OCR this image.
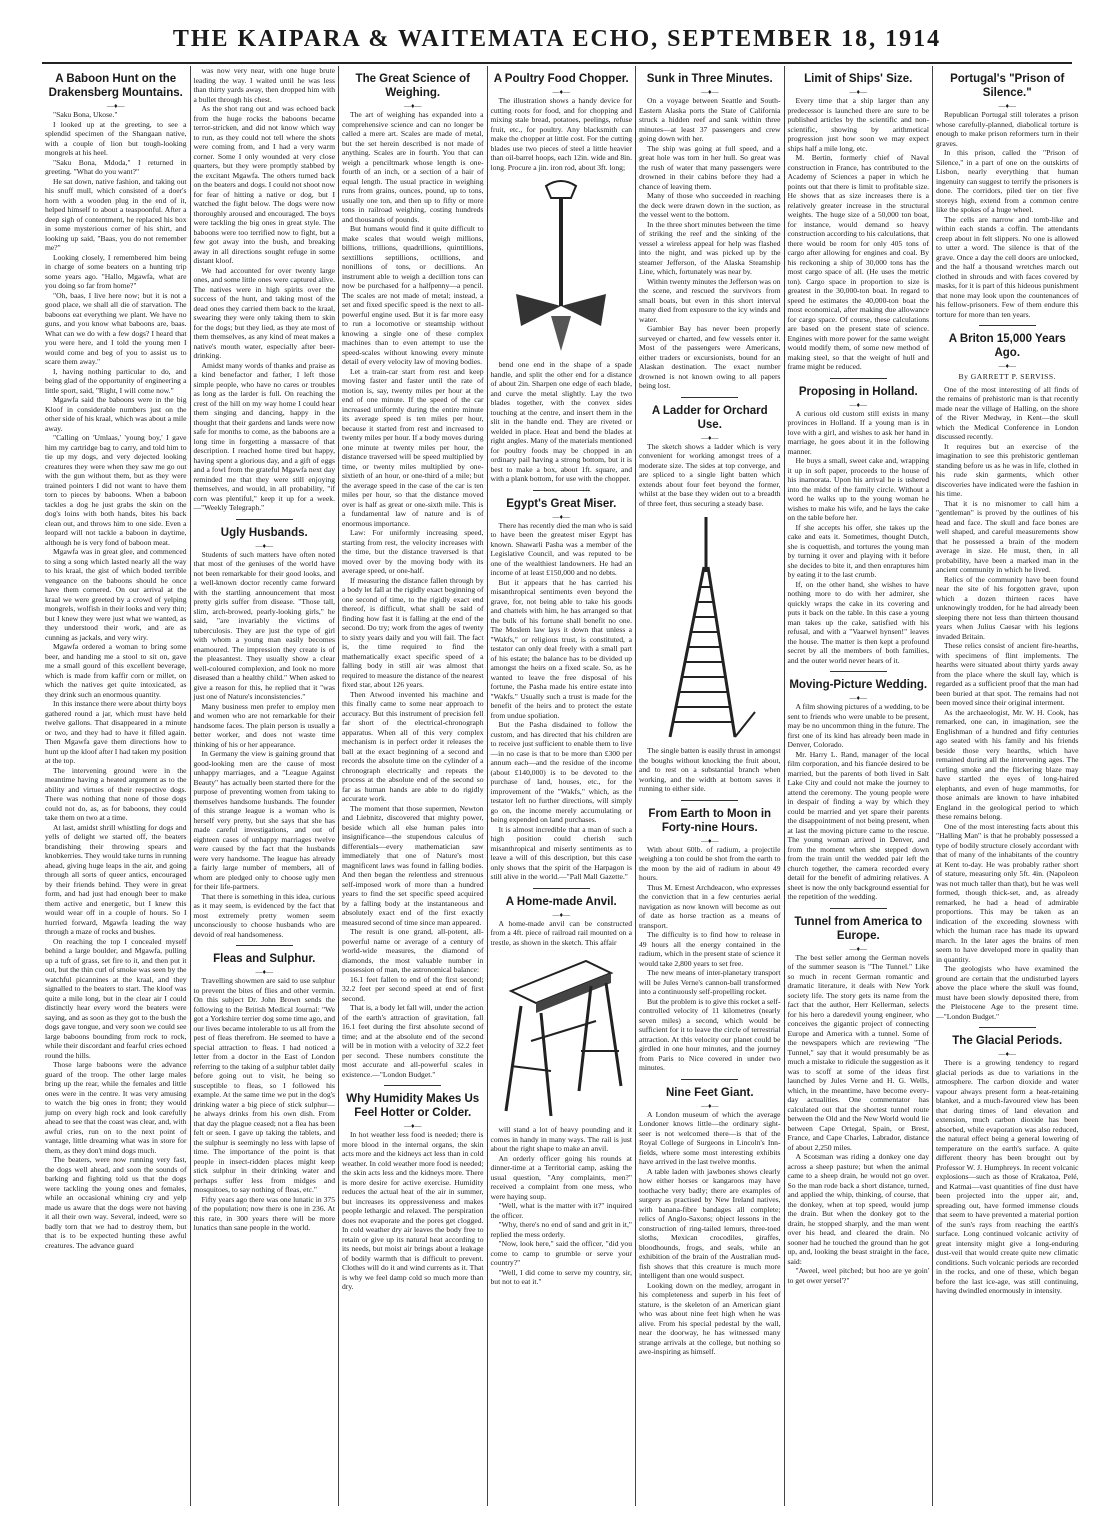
THE KAIPARA & WAITEMATA ECHO, SEPTEMBER 18, 1914
A Baboon Hunt on the Drakensberg Mountains.
—♦—

"Saku Bona, Ukose."

I looked up at the greeting, to see a splendid specimen of the Shangaan native, with a couple of lion but tough-looking mongrels at his heel.

"Saku Bona, Mdoda," I returned in greeting. "What do you want?"

He sat down, native fashion, and taking out his snuff mull, which consisted of a doer's horn with a wooden plug in the end of it, helped himself to about a teaspoonful. After a deep sigh of contentment, he replaced his box in some mysterious corner of his shirt, and looking up said, "Baas, you do not remember me?"

Looking closely, I remembered him being in charge of some beaters on a hunting trip some years ago. "Hallo, Mgawfa, what are you doing so far from home?"

"Oh, baas, I live here now; but it is not a good place, we shall all die of starvation. The baboons eat everything we plant. We have no guns, and you know what baboons are, baas. What can we do with a few dogs? I heard that you were here, and I told the young men I would come and beg of you to assist us to scare them away."

I, having nothing particular to do, and being glad of the opportunity of engineering a little sport, said, "Right, I will come now."

Mgawfa said the baboons were in the big Kloof in considerable numbers just on the other side of his kraal, which was about a mile away.

"Calling on 'Umlaas,' 'young boy,' I gave him my cartridge bag to carry, and told him to tie up my dogs, and very dejected looking creatures they were when they saw me go out with the gun without them, but as they were trained pointers I did not want to have them torn to pieces by baboons. When a baboon tackles a dog he just grabs the skin on the dog's loins with both hands, bites his back clean out, and throws him to one side. Even a leopard will not tackle a baboon in daytime, although he is very fond of baboon meat.

Mgawfa was in great glee, and commenced to sing a song which lasted nearly all the way to his kraal, the gist of which boded terrible vengeance on the baboons should he once have them cornered. On our arrival at the kraal we were greeted by a crowd of yelping mongrels, wolfish in their looks and very thin; but I knew they were just what we wanted, as they understood their work, and are as cunning as jackals, and very wiry.

Mgawfa ordered a woman to bring some beer, and handing me a stool to sit on, gave me a small gourd of this excellent beverage, which is made from kaffir corn or millet, on which the natives get quite intoxicated, as they drink such an enormous quantity.

In this instance there were about thirty boys gathered round a jar, which must have held twelve gallons. That disappeared in a minute or two, and they had to have it filled again. Then Mgawfa gave them directions how to hunt up the kloof after I had taken my position at the top.

The intervening ground were in the meantime having a heated argument as to the ability and virtues of their respective dogs. There was nothing that none of those dogs could not do, as, as for baboons, they could take them on two at a time.

At last, amidst shrill whistling for dogs and yells of delight we started off, the beaters brandishing their throwing spears and knobkerries. They would take turns in running ahead, giving huge leaps in the air, and going through all sorts of queer antics, encouraged by their friends behind. They were in great form, and had just had enough beer to make them active and energetic, but I knew this would wear off in a couple of hours. So I hurried forward, Mgawfa leading the way through a maze of rocks and bushes.

On reaching the top I concealed myself behind a large boulder, and Mgawfa, pulling up a tuft of grass, set fire to it, and then put it out, but the thin curl of smoke was seen by the watchful picannines at the kraal, and they signalled to the beaters to start. The kloof was quite a mile long, but in the clear air I could distinctly hear every word the beaters were saying, and as soon as they got to the bush the dogs gave tongue, and very soon we could see large baboons bounding from rock to rock, while their discordant and fearful cries echoed round the hills.

Those large baboons were the advance guard of the troop. The other large males bring up the rear, while the females and little ones were in the centre. It was very amusing to watch the big ones in front; they would jump on every high rock and look carefully ahead to see that the coast was clear, and, with awful cries, run on to the next point of vantage, little dreaming what was in store for them, as they don't mind dogs much.

The beaters, were now running very fast, the dogs well ahead, and soon the sounds of barking and fighting told us that the dogs were tackling the young ones and females, while an occasional whining cry and yelp made us aware that the dogs were not having it all their own way. Several, indeed, were so badly torn that we had to destroy them, but that is to be expected hunting these awful creatures. The advance guard

was now very near, with one huge brute leading the way. I waited until he was less than thirty yards away, then dropped him with a bullet through his chest.

As the shot rang out and was echoed back from the huge rocks the baboons became terror-stricken, and did not know which way to run, as they could not tell where the shots were coming from, and I had a very warm corner. Some I only wounded at very close quarters, but they were promptly stabbed by the excitant Mgawfa. The others turned back on the beaters and dogs. I could not shoot now for fear of hitting a native or dog, but I watched the fight below. The dogs were now thoroughly aroused and encouraged. The boys were tackling the big ones in great style. The baboons were too terrified now to fight, but a few got away into the bush, and breaking away in all directions sought refuge in some distant kloof.

We had accounted for over twenty large ones, and some little ones were captured alive. The natives were in high spirits over the success of the hunt, and taking most of the dead ones they carried them back to the kraal, swearing they were only taking them to skin for the dogs; but they lied, as they ate most of them themselves, as any kind of meat makes a native's mouth water, especially after beer-drinking.

Amidst many words of thanks and praise as a kind benefactor and father, I left those simple people, who have no cares or troubles as long as the larder is full. On reaching the crest of the hill on my way home I could hear them singing and dancing, happy in the thought that their gardens and lands were now safe for months to come, as the baboons are a long time in forgetting a massacre of that description. I reached home tired but happy, having spent a glorious day, and a gift of eggs and a fowl from the grateful Mgawfa next day reminded me that they were still enjoying themselves, and would, in all probability, "if corn was plentiful," keep it up for a week.—"Weekly Telegraph."

Ugly Husbands.
—♦—

Students of such matters have often noted that most of the geniuses of the world have not been remarkable for their good looks, and a well-known doctor recently came forward with the startling announcement that most pretty girls suffer from disease. "Those tall, slim, arch-browed, pearly-looking girls," he said, "are invariably the victims of tuberculosis. They are just the type of girl with whom a young man easily becomes enamoured. The impression they create is of the pleasantest. They usually show a clear well-coloured complexion, and look no more diseased than a healthy child." When asked to give a reason for this, he replied that it "was just one of Nature's inconsistencies."

Many business men prefer to employ men and women who are not remarkable for their handsome faces. The plain person is usually a better worker, and does not waste time thinking of his or her appearance.

In Germany the view is gaining ground that good-looking men are the cause of most unhappy marriages, and a "League Against Beauty" has actually been started there for the purpose of preventing women from taking to themselves handsome husbands. The founder of this strange league is a woman who is herself very pretty, but she says that she has made careful investigations, and out of eighteen cases of unhappy marriages twelve were caused by the fact that the husbands were very handsome. The league has already a fairly large number of members, all of whom are pledged only to choose ugly men for their life-partners.

That there is something in this idea, curious as it may seem, is evidenced by the fact that most extremely pretty women seem unconsciously to choose husbands who are devoid of real handsomeness.

Fleas and Sulphur.
—♦—

Travelling showmen are said to use sulphur to prevent the bites of flies and other vermin. On this subject Dr. John Brown sends the following to the British Medical Journal: "We got a Yorkshire terrier dog some time ago, and our lives became intolerable to us all from the pest of fleas therefrom. He seemed to have a special attraction to fleas. I had noticed a letter from a doctor in the East of London referring to the taking of a sulphur tablet daily before going out to visit, he being so susceptible to fleas, so I followed his example. At the same time we put in the dog's drinking water a big piece of stick sulphur—he always drinks from his own dish. From that day the plague ceased; not a flea has been felt or seen. I gave up taking the tablets, and the sulphur is seemingly no less with lapse of time. The importance of the point is that people in insect-ridden places might keep stick sulphur in their drinking water and perhaps suffer less from midges and mosquitoes, to say nothing of fleas, etc."

Fifty years ago there was one lunatic in 375 of the population; now there is one in 236. At this rate, in 300 years there will be more lunatics than sane people in the world.

The Great Science of Weighing.
—♦—

The art of weighing has expanded into a comprehensive science and can no longer be called a mere art. Scales are made of metal, but the set herein described is not made of anything. Scales are in fourth. You that can weigh a penciltmark whose length is one-fourth of an inch, or a section of a hair of equal length. The usual practice in weighing runs from grains, ounces, pound, up to tons, usually one ton, and then up to fifty or more tons in railroad weighing, costing hundreds and thousands of pounds.

But humans would find it quite difficult to make scales that would weigh millions, billions, trillions, quadrillions, quintillions, sextillions septillions, octillions, and nonillions of tons, or decillions. An instrument able to weigh a decillion tons can now be purchased for a halfpenny—a pencil. The scales are not made of metal; instead, a set and fixed specific speed is the next to all-powerful engine used. But it is far more easy to run a locomotive or steamship without knowing a single one of these complex machines than to even attempt to use the speed-scales without knowing every minute detail of every velocity law of moving bodies.

Let a train-car start from rest and keep moving faster and faster until the rate of motion is, say, twenty miles per hour at the end of one minute. If the speed of the car increased uniformly during the entire minute its average speed is ten miles per hour, because it started from rest and increased to twenty miles per hour. If a body moves during one minute at twenty miles per hour, the distance traversed will be speed multiplied by time, or twenty miles multiplied by one-sixtieth of an hour, or one-third of a mile; but the average speed in the case of the car is ten miles per hour, so that the distance moved over is half as great or one-sixth mile. This is a fundamental law of nature and is of enormous importance.

Law: For uniformly increasing speed, starting from rest, the velocity increases with the time, but the distance traversed is that moved over by the moving body with its average speed, or one-half.

If measuring the distance fallen through by a body let fall at the rigidly exact beginning of one second of time, to the rigidly exact end thereof, is difficult, what shall be said of finding how fast it is falling at the end of the second. Do try; work from the ages of twenty to sixty years daily and you will fail. The fact is, the time required to find the mathematically exact specific speed of a falling body in still air was almost that required to measure the distance of the nearest fixed star, about 126 years.

Then Atwood invented his machine and this finally came to some near approach to accuracy. But this instrument of precision fell far short of the electrical-chronograph apparatus. When all of this very complex mechanism is in perfect order it releases the ball at the exact beginning of a second and records the absolute time on the cylinder of a chronograph electrically and repeats the process at the absolute end of the second so far as human hands are able to do rigidly accurate work.

The moment that those supermen, Newton and Liebnitz, discovered that mighty power, beside which all else human pales into insignificance—the stupendous calculus of differentials—every mathematician saw immediately that one of Nature's most magnificent laws was found in falling bodies. And then began the relentless and strenuous self-imposed work of more than a hundred years to find the set specific speed acquired by a falling body at the instantaneous and absolutely exact end of the first exactly measured second of time since man appeared.

The result is one grand, all-potent, all-powerful name or average of a century of world-wide measures, the diamond of diamonds, the most valuable number in possession of man, the astronomical balance:

16.1 feet fallen to end of the first second; 32.2 feet per second speed at end of first second.

That is, a body let fall will, under the action of the earth's attraction of gravitation, fall 16.1 feet during the first absolute second of time; and at the absolute end of the second will be in motion with a velocity of 32.2 feet per second. These numbers constitute the most accurate and all-powerful scales in existence.—"London Budget."

Why Humidity Makes Us Feel Hotter or Colder.
—♦—

In hot weather less food is needed; there is more blood in the internal organs, the skin acts more and the kidneys act less than in cold weather. In cold weather more food is needed; the skin acts less and the kidneys more. There is more desire for active exercise. Humidity reduces the actual heat of the air in summer, but increases its oppressiveness and makes people lethargic and relaxed. The perspiration does not evaporate and the pores get clogged. In cold weather dry air leaves the body free to retain or give up its natural heat according to its needs, but moist air brings about a leakage of bodily warmth that is difficult to prevent. Clothes will do it and wind currents as it. That is why we feel damp cold so much more than dry.

A Poultry Food Chopper.
—♦—

The illustration shows a handy device for cutting roots for food, and for chopping and mixing stale bread, potatoes, peelings, refuse fruit, etc., for poultry. Any blacksmith can make the chopper at little cost. For the cutting blades use two pieces of steel a little heavier than oil-barrel hoops, each 12in. wide and 8in. long. Procure a jin. iron rod, about 3ft. long;

bend one end in the shape of a spade handle, and split the other end for a distance of about 2in. Sharpen one edge of each blade, and curve the metal slightly. Lay the two blades together, with the convex sides touching at the centre, and insert them in the slit in the handle end. They are riveted or welded in place. Heat and bend the blades at right angles. Many of the materials mentioned for poultry foods may be chopped in an ordinary pail having a strong bottom, but it is best to make a box, about 1ft. square, and with a plank bottom, for use with the chopper.

Egypt's Great Miser.
—♦—

There has recently died the man who is said to have been the greatest miser Egypt has known. Shawarli Pasha was a member of the Legislative Council, and was reputed to be one of the wealthiest landowners. He had an income of at least £150,000 and no debts.

But it appears that he has carried his misanthropical sentiments even beyond the grave, for, not being able to take his goods and chattels with him, he has arranged so that the bulk of his fortune shall benefit no one. The Moslem law lays it down that unless a "Wakfs," or religious trust, is constituted, a testator can only deal freely with a small part of his estate; the balance has to be divided up amongst the heirs on a fixed scale. So, as he wanted to leave the free disposal of his fortune, the Pasha made his entire estate into "Wakfs." Usually such a trust is made for the benefit of the heirs and to protect the estate from undue spoliation.

But the Pasha disdained to follow the custom, and has directed that his children are to receive just sufficient to enable them to live—in no case is that to be more than £300 per annum each—and the residue of the income (about £140,000) is to be devoted to the purchase of land, houses, etc., for the improvement of the "Wakfs," which, as the testator left no further directions, will simply go on, the income merely accumulating or being expended on land purchases.

It is almost incredible that a man of such a high position could cherish such misanthropical and miserly sentiments as to leave a will of this description, but this case only shows that the spirit of the Harpagon is still alive in the world.—"Pall Mall Gazette."

A Home-made Anvil.
—♦—

A home-made anvil can be constructed from a 4ft. piece of railroad rail mounted on a trestle, as shown in the sketch. This affair

will stand a lot of heavy pounding and it comes in handy in many ways. The rail is just about the right shape to make an anvil.

An orderly officer going his rounds at dinner-time at a Territorial camp, asking the usual question, "Any complaints, men?" received a complaint from one mess, who were haying soup.

"Well, what is the matter with it?" inquired the officer.

"Why, there's no end of sand and grit in it," replied the mess orderly.

"Now, look here," said the officer, "did you come to camp to grumble or serve your country?"

"Well, I did come to serve my country, sir, but not to eat it."

Sunk in Three Minutes.
—♦—

On a voyage between Seattle and South-Eastern Alaska ports the State of California struck a hidden reef and sank within three minutes—at least 37 passengers and crew going down with her.

The ship was going at full speed, and a great hole was torn in her hull. So great was the rush of water that many passengers were drowned in their cabins before they had a chance of leaving them.

Many of those who succeeded in reaching the deck were drawn down in the suction, as the vessel went to the bottom.

In the three short minutes between the time of striking the reef and the sinking of the vessel a wireless appeal for help was flashed into the night, and was picked up by the steamer Jefferson, of the Alaska Steamship Line, which, fortunately was near by.

Within twenty minutes the Jefferson was on the scene, and rescued the survivors from small boats, but even in this short interval many died from exposure to the icy winds and water.

Gambier Bay has never been properly surveyed or charted, and few vessels enter it. Most of the passengers were Americans, either traders or excursionists, bound for an Alaskan destination. The exact number drowned is not known owing to all papers being lost.

A Ladder for Orchard Use.
—♦—

The sketch shows a ladder which is very convenient for working amongst trees of a moderate size. The sides at top converge, and are spliced to a single light batten which extends about four feet beyond the former, whilst at the base they widen out to a breadth of three feet, thus securing a steady base.

The single batten is easily thrust in amongst the boughs without knocking the fruit about, and to rest on a substantial branch when working, and the width at bottom saves it running to either side.

From Earth to Moon in Forty-nine Hours.
—♦—

With about 60lb. of radium, a projectile weighing a ton could be shot from the earth to the moon by the aid of radium in about 49 hours.

Thus M. Ernest Archdeacon, who expresses the conviction that in a few centuries aerial navigation as now known will become as out of date as horse traction as a means of transport.

The difficulty is to find how to release in 49 hours all the energy contained in the radium, which in the present state of science it would take 2,800 years to set free.

The new means of inter-planetary transport will be Jules Verne's cannon-ball transformed into a continuously self-propelling rocket.

But the problem is to give this rocket a self-controlled velocity of 11 kilometres (nearly seven miles) a second, which would be sufficient for it to leave the circle of terrestrial attraction. At this velocity our planet could be girdled in one hour minutes, and the journey from Paris to Nice covered in under two minutes.

Nine Feet Giant.
—♦—

A London museum of which the average Londoner knows little—the ordinary sight-seer is not welcomed there—is that of the Royal College of Surgeons in Lincoln's Inn-fields, where some most interesting exhibits have arrived in the last twelve months.

A table laden with jawbones shows clearly how either horses or kangaroos may have toothache very badly; there are examples of surgery as practised by New Ireland natives, with banana-fibre bandages all complete; relics of Anglo-Saxons; object lessons in the construction of ring-tailed lemurs, three-toed sloths, Mexican crocodiles, giraffes, bloodhounds, frogs, and seals, while an exhibition of the brain of the Australian mud-fish shows that this creature is much more intelligent than one would suspect.

Looking down on the medley, arrogant in his completeness and superb in his feet of stature, is the skeleton of an American giant who was about nine feet high when he was alive. From his special pedestal by the wall, near the doorway, he has witnessed many strange arrivals at the college, but nothing so awe-inspiring as himself.

Limit of Ships' Size.
—♦—

Every time that a ship larger than any predecessor is launched there are sure to be published articles by the scientific and non-scientific, showing by arithmetical progression just how soon we may expect ships half a mile long, etc.

M. Bertin, formerly chief of Naval construction in France, has contributed to the Academy of Sciences a paper in which he points out that there is limit to profitable size. He shows that as size increases there is a relatively greater increase in the structural weights. The huge size of a 50,000 ton boat, for instance, would demand so heavy construction according to his calculations, that there would be room for only 405 tons of cargo after allowing for engines and coal. By his reckoning a ship of 30,000 tons has the most cargo space of all. (He uses the metric ton). Cargo space in proportion to size is greatest in the 30,000-ton boat. In regard to speed he estimates the 40,000-ton boat the most economical, after making due allowance for cargo space. Of course, these calculations are based on the present state of science. Engines with more power for the same weight would modify them, of some new method of making steel, so that the weight of hull and frame might be reduced.

Proposing in Holland.
—♦—

A curious old custom still exists in many provinces in Holland. If a young man is in love with a girl, and wishes to ask her hand in marriage, he goes about it in the following manner.

He buys a small, sweet cake and, wrapping it up in soft paper, proceeds to the house of his inamorata. Upon his arrival he is ushered into the midst of the family circle. Without a word he walks up to the young woman he wishes to make his wife, and he lays the cake on the table before her.

If she accepts his offer, she takes up the cake and eats it. Sometimes, thought Dutch, she is coquettish, and tortures the young man by turning it over and playing with it before she decides to bite it, and then enraptures him by eating it to the last crumb.

If, on the other hand, she wishes to have nothing more to do with her admirer, she quickly wraps the cake in its covering and puts it back on the table. In this case a young man takes up the cake, satisfied with his refusal, and with a "Vaarwel hynsen!" leaves the house. The matter is then kept a profound secret by all the members of both families, and the outer world never hears of it.

Moving-Picture Wedding.
—♦—

A film showing pictures of a wedding, to be sent to friends who were unable to be present, may be no uncommon thing in the future. The first one of its kind has already been made in Denver, Colorado.

Mr. Harry L. Rand, manager of the local film corporation, and his fiancée desired to be married, but the parents of both lived in Salt Lake City and could not make the journey to attend the ceremony. The young people were in despair of finding a way by which they could be married and yet spare their parents the disappointment of not being present, when at last the moving picture came to the rescue. The young woman arrived in Denver, and from the moment when she stepped down from the train until the wedded pair left the church together, the camera recorded every detail for the benefit of admiring relatives. A sheet is now the only background essential for the repetition of the wedding.

Tunnel from America to Europe.
—♦—

The best seller among the German novels of the summer season is "The Tunnel." Like so much in recent German romantic and dramatic literature, it deals with New York society life. The story gets its name from the fact that the author, Herr Kellerman, selects for his hero a daredevil young engineer, who conceives the gigantic project of connecting Europe and America with a tunnel. Some of the newspapers which are reviewing "The Tunnel," say that it would presumably be as much a mistake to ridicule the suggestion as it was to scoff at some of the ideas first launched by Jules Verne and H. G. Wells, which, in the meantime, have become every-day actualities. One commentator has calculated out that the shortest tunnel route between the Old and the New World would lie between Cape Ortegal, Spain, or Brest, France, and Cape Charles, Labrador, distance of about 2,250 miles.

A Scotsman was riding a donkey one day across a sheep pasture; but when the animal came to a sheep drain, he would not go over. So the man rode back a short distance, turned, and applied the whip, thinking, of course, that the donkey, when at top speed, would jump the drain. But when the donkey got to the drain, he stopped sharply, and the man went over his head, and cleared the drain. No sooner had he touched the ground than he got up, and, looking the beast straight in the face, said:

"Aweel, weel pitched; but hoo are ye goin' to get ower yersel'?"

Portugal's "Prison of Silence."
—♦—

Republican Portugal still tolerates a prison whose carefully-planned, diabolical torture is enough to make prison reformers turn in their graves.

In this prison, called the "Prison of Silence," in a part of one on the outskirts of Lisbon, nearly everything that human ingenuity can suggest to terrify the prisoners is done. The corridors, piled tier on tier five storeys high, extend from a common centre like the spokes of a huge wheel.

The cells are narrow and tomb-like and within each stands a coffin. The attendants creep about in felt slippers. No one is allowed to utter a word. The silence is that of the grave. Once a day the cell doors are unlocked, and the half a thousand wretches march out clothed in shrouds and with faces covered by masks, for it is part of this hideous punishment that none may look upon the countenances of his fellow-prisoners. Few of them endure this torture for more than ten years.

A Briton 15,000 Years Ago.
—♦—
By GARRETT P. SERVISS.

One of the most interesting of all finds of the remains of prehistoric man is that recently made near the village of Halling, on the shore of the River Medway, in Kent—the skull which the Medical Conference in London discussed recently.

It requires but an exercise of the imagination to see this prehistoric gentleman standing before us as he was in life, clothed in his rude skin garments, which other discoveries have indicated were the fashion in his time.

That it is no misnomer to call him a "gentleman" is proved by the outlines of his head and face. The skull and face bones are well shaped, and careful measurements show that he possessed a brain of the modern average in size. He must, then, in all probability, have been a marked man in the ancient community in which he lived.

Relics of the community have been found near the site of his forgotten grave, upon which a dozen thirteen races have unknowingly trodden, for he had already been sleeping there not less than thirteen thousand years when Julius Caesar with his legions invaded Britain.

These relics consist of ancient fire-hearths, with specimens of flint implements. The hearths were situated about thirty yards away from the place where the skull lay, which is regarded as a sufficient proof that the man had been buried at that spot. The remains had not been moved since their original interment.

As the archaeologist, Mr. W. H. Cook, has remarked, one can, in imagination, see the Englishman of a hundred and fifty centuries ago seated with his family and his friends beside those very hearths, which have remained during all the intervening ages. The curling smoke and the flickering blaze may have startled the eyes of long-haired elephants, and even of huge mammoths, for those animals are known to have inhabited England in the geological period to which these remains belong.

One of the most interesting facts about this "Halling Man" is that he probably possessed a type of bodily structure closely accordant with that of many of the inhabitants of the country at Kent to-day. He was probably rather short of stature, measuring only 5ft. 4in. (Napoleon was not much taller than that), but he was well formed, though thick-set, and, as already remarked, he had a head of admirable proportions. This may be taken as an indication of the exceeding slowness with which the human race has made its upward march. In the later ages the brains of men seem to have developed more in quality than in quantity.

The geologists who have examined the ground are certain that the undisturbed layers above the place where the skull was found, must have been slowly deposited there, from the Pleistocene Age to the present time.—"London Budget."

The Glacial Periods.
—♦—

There is a growing tendency to regard glacial periods as due to variations in the atmosphere. The carbon dioxide and water vapour always present form a heat-retaining blanket, and a much-favoured view has been that during times of land elevation and extension, much carbon dioxide has been absorbed, while evaporation was also reduced, the natural effect being a general lowering of temperature on the earth's surface. A quite different theory has been brought out by Professor W. J. Humphreys. In recent volcanic explosions—such as those of Krakatoa, Pelé, and Katmai—vast quantities of fine dust have been projected into the upper air, and, spreading out, have formed immense clouds that seem to have prevented a material portion of the sun's rays from reaching the earth's surface. Long continued volcanic activity of great intensity might give a long-enduring dust-veil that would create quite new climatic conditions. Such volcanic periods are recorded in the rocks, and one of these, which began before the last ice-age, was still continuing, having dwindled enormously in intensity.
